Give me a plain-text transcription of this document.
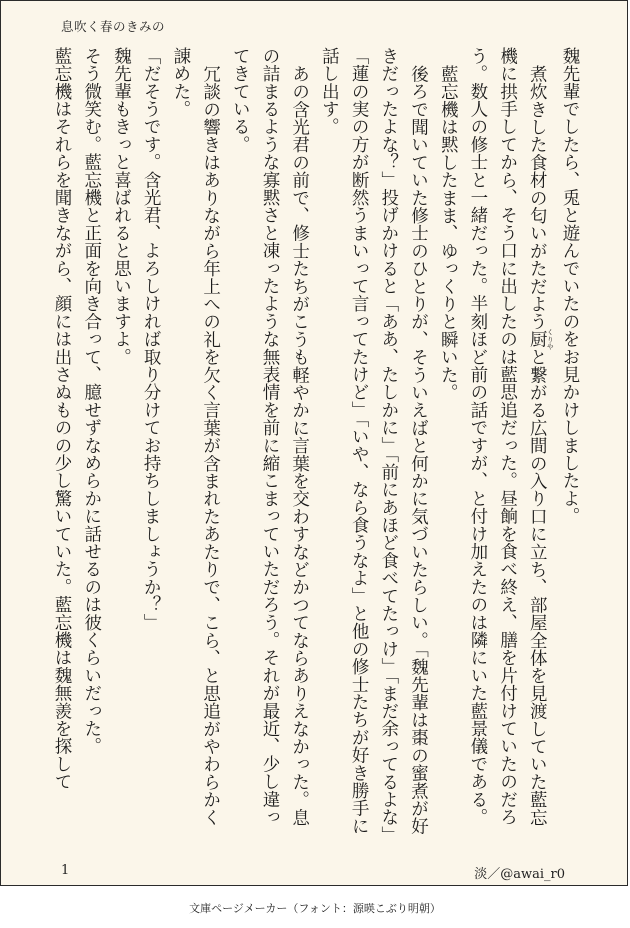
息吹く春のきみの

魏先輩でしたら、兎と遊んでいたのをお見かけしましたよ。

煮炊きした食材の匂いがただよう厨 くりやと繋がる広間の入り口に立ち、部屋全体を見渡していた藍忘機に拱手してから、そう口に出したのは藍思追だった。昼餉を食べ終え、膳を片付けていたのだろう。数人の修士と一緒だった。半刻ほど前の話ですが、と付け加えたのは隣にいた藍景儀である。

藍忘機は黙したまま、ゆっくりと瞬いた。

後ろで聞いていた修士のひとりが、そういえばと何かに気づいたらしい。「魏先輩は棗の蜜煮が好きだったよな？」投げかけると「ああ、たしかに」「前にあほど食べてたっけ」「まだ余ってるよな」「蓮の実の方が断然うまいって言ってたけど」「いや、なら食うなよ」と他の修士たちが好き勝手に話し出す。

あの含光君の前で、修士たちがこうも軽やかに言葉を交わすなどかつてならありえなかった。息の詰まるような寡黙さと凍ったような無表情を前に縮こまっていただろう。それが最近、少し違ってきている。

冗談の響きはありながら年上への礼を欠く言葉が含まれたあたりで、こら、と思追がやわらかく諌めた。

「だそうです。含光君、よろしければ取り分けてお持ちしましょうか？」

魏先輩もきっと喜ばれると思いますよ。

そう微笑む。藍忘機と正面を向き合って、臆せずなめらかに話せるのは彼くらいだった。

藍忘機はそれらを聞きながら、顔には出さぬものの少し驚いていた。藍忘機は魏無羨を探して

1	淡／@awai_r0
文庫ページメーカー（フォント：源暎こぶり明朝）
